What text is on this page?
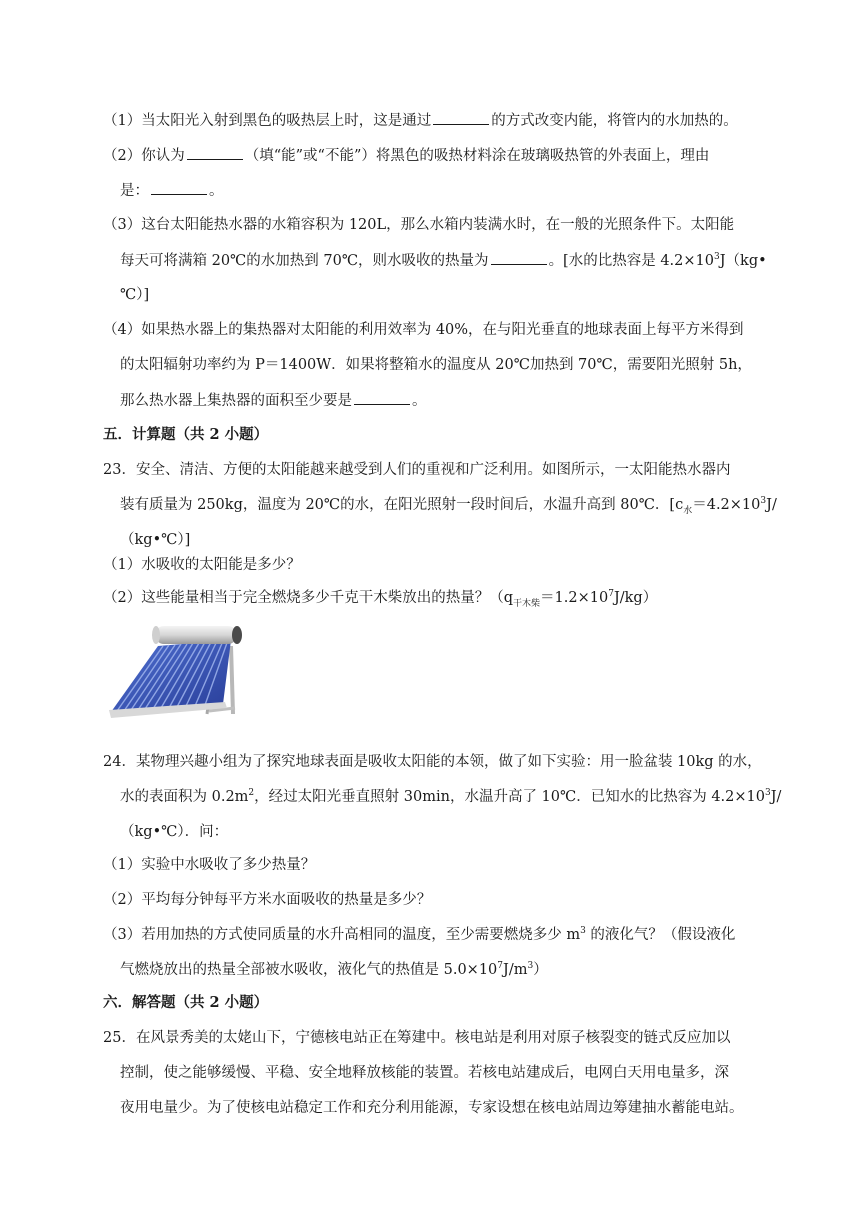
（1）当太阳光入射到黑色的吸热层上时，这是通过	的方式改变内能，将管内的水加热的。
（2）你认为	（填“能”或“不能”）将黑色的吸热材料涂在玻璃吸热管的外表面上，理由
是：	。
（3）这台太阳能热水器的水箱容积为 120L，那么水箱内装满水时，在一般的光照条件下。太阳能
每天可将满箱 20℃的水加热到 70℃，则水吸收的热量为	。[水的比热容是 $4.2\times 10^3J(kg•$
℃）]
（4）如果热水器上的集热器对太阳能的利用效率为 40%，在与阳光垂直的地球表面上每平方米得到
的太阳辐射功率约为 P＝1400W．如果将整箱水的温度从 20℃加热到 70℃，需要阳光照射 5h，
那么热水器上集热器的面积至少要是	。
五．计算题（共 2 小题）
23．安全、清洁、方便的太阳能越来越受到人们的重视和广泛利用。如图所示，一太阳能热水器内
装有质量为 250kg，温度为 20℃的水，在阳光照射一段时间后，水温升高到 80℃．[$c_水=4.2\times 10^3J/$
（kg•℃）]
（1）水吸收的太阳能是多少？
（2）这些能量相当于完全燃烧多少千克干木柴放出的热量？$(q_{干木柴}=1.2\times 10^7J/kg)$
24．某物理兴趣小组为了探究地球表面是吸收太阳能的本领，做了如下实验：用一脸盆装 10kg 的水，
水的表面积为 $0.2m^2$，经过太阳光垂直照射 30min，水温升高了 10℃．已知水的比热容为 $4.2\times 10^3J/$
（kg•℃）．问：
（1）实验中水吸收了多少热量？
（2）平均每分钟每平方米水面吸收的热量是多少？
（3）若用加热的方式使同质量的水升高相同的温度，至少需要燃烧多少 $m^3$ 的液化气？（假设液化
气燃烧放出的热量全部被水吸收，液化气的热值是 $5.0\times 10^7J/m^3$）
六．解答题（共 2 小题）
25．在风景秀美的太姥山下，宁德核电站正在筹建中。核电站是利用对原子核裂变的链式反应加以
控制，使之能够缓慢、平稳、安全地释放核能的装置。若核电站建成后，电网白天用电量多，深
夜用电量少。为了使核电站稳定工作和充分利用能源，专家设想在核电站周边筹建抽水蓄能电站。
